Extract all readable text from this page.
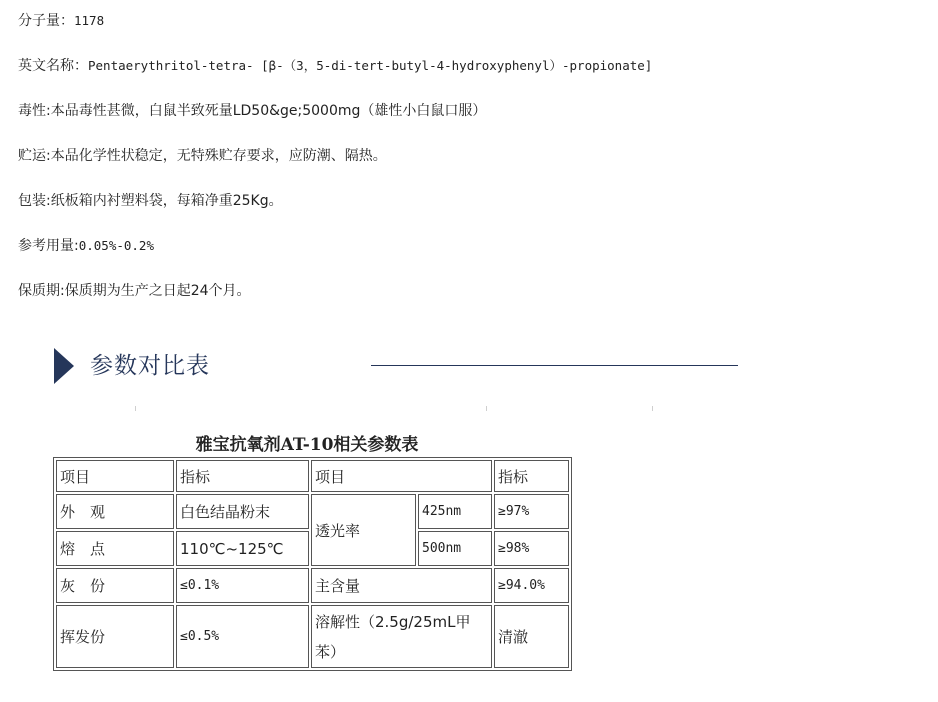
分子量：1178
英文名称：Pentaerythritol-tetra- [β-（3，5-di-tert-butyl-4-hydroxyphenyl）-propionate]
毒性:本品毒性甚微，白鼠半致死量LD50&ge;5000mg（雄性小白鼠口服）
贮运:本品化学性状稳定，无特殊贮存要求，应防潮、隔热。
包装:纸板箱内衬塑料袋，每箱净重25Kg。
参考用量:0.05%-0.2%
保质期:保质期为生产之日起24个月。
参数对比表
雅宝抗氧剂AT-10相关参数表
项目	指标	项目		指标
外　观	白色结晶粉末	透光率	425nm	≥97%
熔　点	110℃~125℃		500nm	≥98%
灰　份	≤0.1%	主含量		≥94.0%
挥发份	≤0.5%	溶解性（2.5g/25mL甲苯）		清澈
